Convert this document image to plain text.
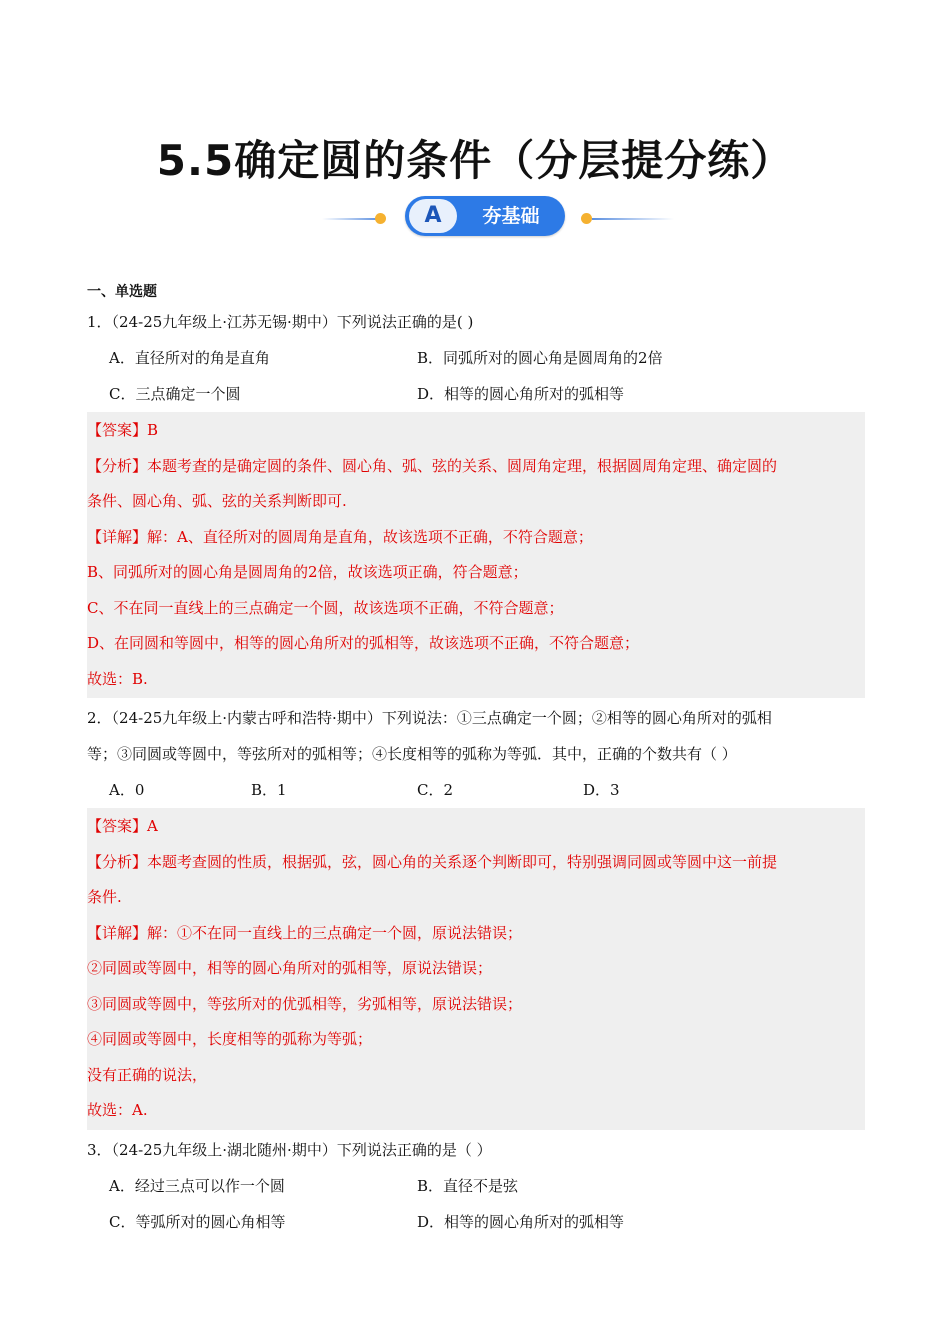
5.5确定圆的条件（分层提分练）
A	夯基础
一、单选题
1．（24-25九年级上·江苏无锡·期中）下列说法正确的是( )
A．直径所对的角是直角	B．同弧所对的圆心角是圆周角的2倍
C．三点确定一个圆	D．相等的圆心角所对的弧相等
【答案】B
【分析】本题考查的是确定圆的条件、圆心角、弧、弦的关系、圆周角定理，根据圆周角定理、确定圆的
条件、圆心角、弧、弦的关系判断即可.
【详解】解：A、直径所对的圆周角是直角，故该选项不正确，不符合题意；
B、同弧所对的圆心角是圆周角的2倍，故该选项正确，符合题意；
C、不在同一直线上的三点确定一个圆，故该选项不正确，不符合题意；
D、在同圆和等圆中，相等的圆心角所对的弧相等，故该选项不正确，不符合题意；
故选：B.
2．（24-25九年级上·内蒙古呼和浩特·期中）下列说法：①三点确定一个圆；②相等的圆心角所对的弧相
等；③同圆或等圆中，等弦所对的弧相等；④长度相等的弧称为等弧．其中，正确的个数共有（ ）
A．0	B．1	C．2	D．3
【答案】A
【分析】本题考查圆的性质，根据弧，弦，圆心角的关系逐个判断即可，特别强调同圆或等圆中这一前提
条件.
【详解】解：①不在同一直线上的三点确定一个圆，原说法错误；
②同圆或等圆中，相等的圆心角所对的弧相等，原说法错误；
③同圆或等圆中，等弦所对的优弧相等，劣弧相等，原说法错误；
④同圆或等圆中，长度相等的弧称为等弧；
没有正确的说法，
故选：A.
3．（24-25九年级上·湖北随州·期中）下列说法正确的是（ ）
A．经过三点可以作一个圆	B．直径不是弦
C．等弧所对的圆心角相等	D．相等的圆心角所对的弧相等
